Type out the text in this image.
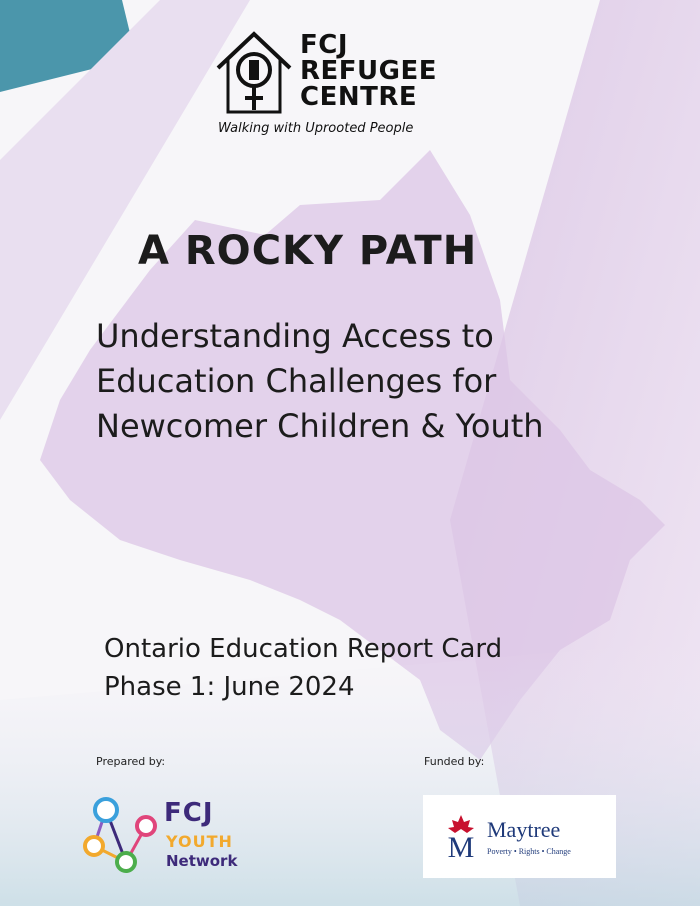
FCJ
REFUGEE
CENTRE
Walking with Uprooted People
A ROCKY PATH
Understanding Access to
Education Challenges for
Newcomer Children & Youth
Ontario Education Report Card
Phase 1: June 2024
Prepared by:	Funded by:
FCJ
YOUTH
Network	M
Maytree
Poverty • Rights • Change
